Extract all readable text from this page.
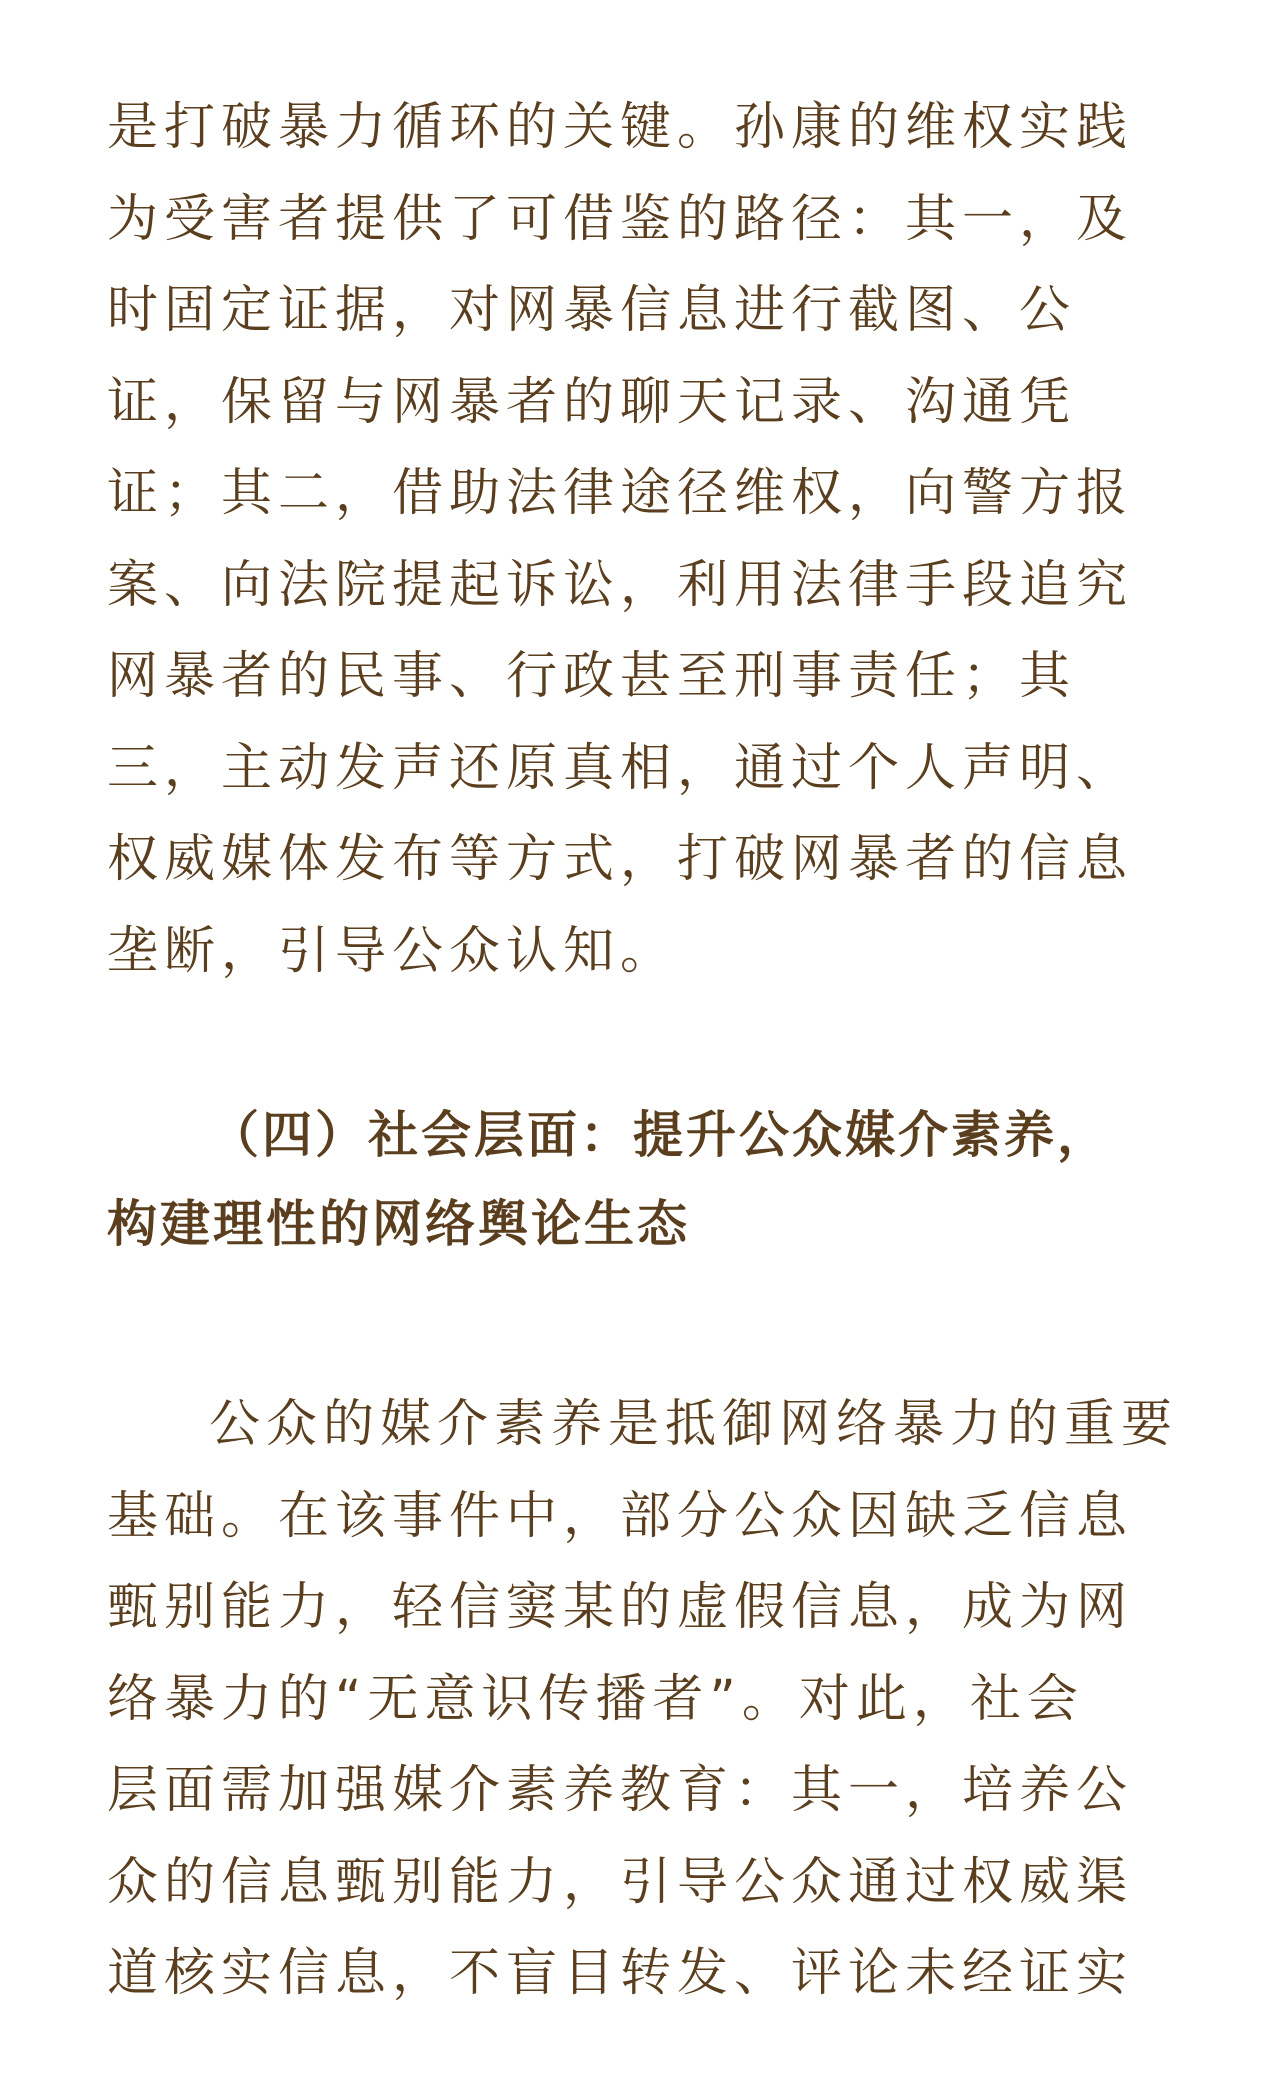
是打破暴力循环的关键。孙康的维权实践
为受害者提供了可借鉴的路径：其一，及
时固定证据，对网暴信息进行截图、公
证，保留与网暴者的聊天记录、沟通凭
证；其二，借助法律途径维权，向警方报
案、向法院提起诉讼，利用法律手段追究
网暴者的民事、行政甚至刑事责任；其
三，主动发声还原真相，通过个人声明、
权威媒体发布等方式，打破网暴者的信息
垄断，引导公众认知。

（四）社会层面：提升公众媒介素养，
构建理性的网络舆论生态

公众的媒介素养是抵御网络暴力的重要
基础。在该事件中，部分公众因缺乏信息
甄别能力，轻信窦某的虚假信息，成为网
络暴力的“无意识传播者”。对此，社会
层面需加强媒介素养教育：其一，培养公
众的信息甄别能力，引导公众通过权威渠
道核实信息，不盲目转发、评论未经证实
